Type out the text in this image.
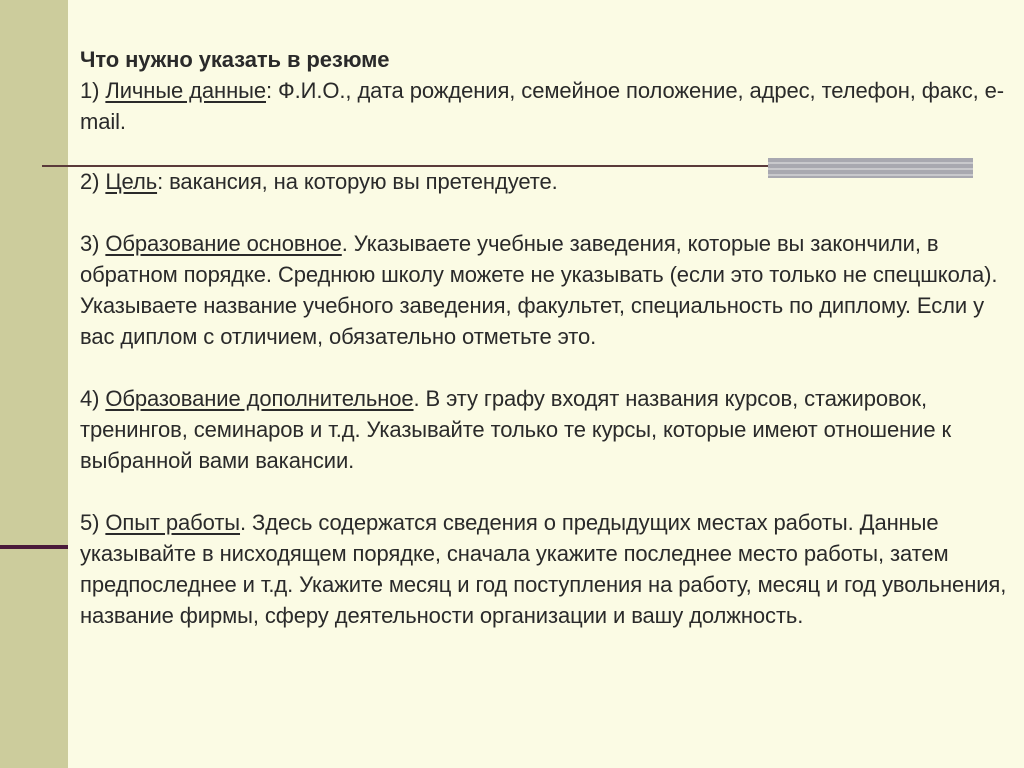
Что нужно указать в резюме

1) Личные данные: Ф.И.О., дата рождения, семейное положение, адрес, телефон, факс, e-mail.

2) Цель: вакансия, на которую вы претендуете.

3) Образование основное. Указываете учебные заведения, которые вы закончили, в обратном порядке. Среднюю школу можете не указывать (если это только не спецшкола). Указываете название учебного заведения, факультет, специальность по диплому. Если у вас диплом с отличием, обязательно отметьте это.

4) Образование дополнительное. В эту графу входят названия курсов, стажировок, тренингов, семинаров и т.д. Указывайте только те курсы, которые имеют отношение к выбранной вами вакансии.

5) Опыт работы. Здесь содержатся сведения о предыдущих местах работы. Данные указывайте в нисходящем порядке, сначала укажите последнее место работы, затем предпоследнее и т.д. Укажите месяц и год поступления на работу, месяц и год увольнения, название фирмы, сферу деятельности организации и вашу должность.
